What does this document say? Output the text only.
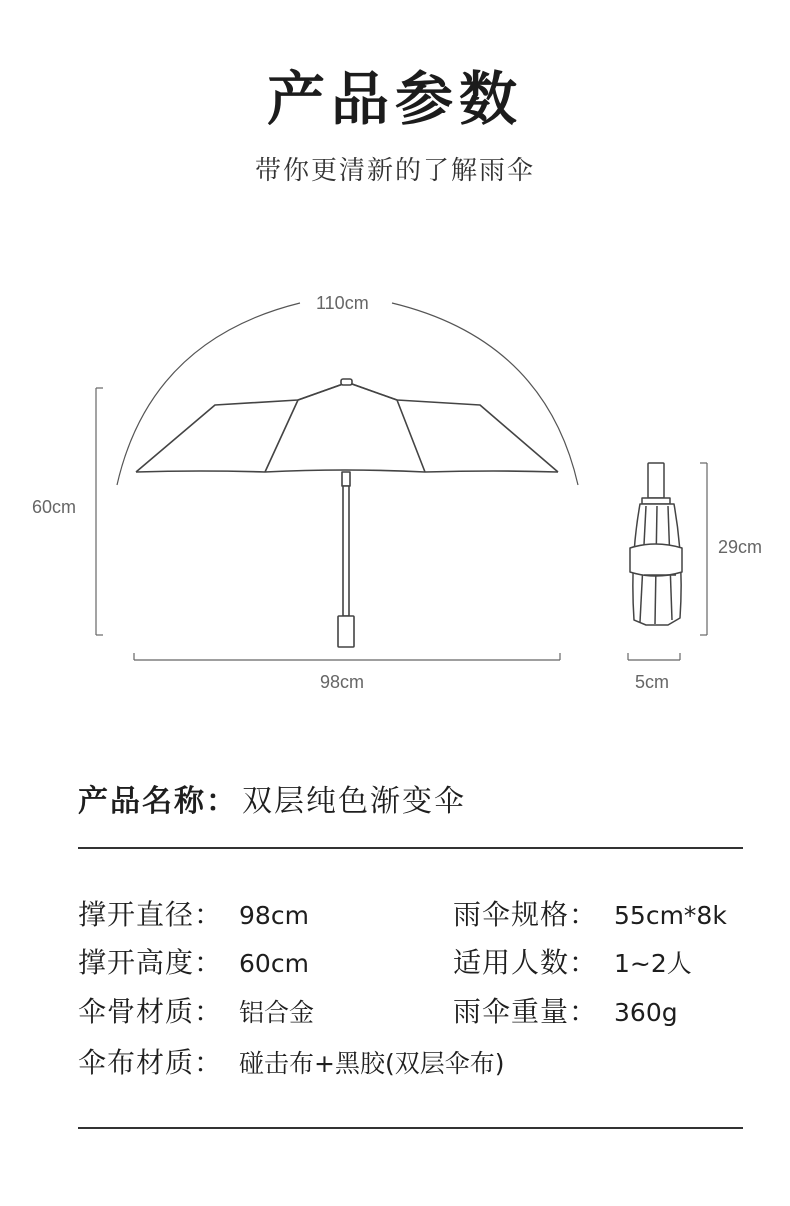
产品参数
带你更清新的了解雨伞
110cm
60cm
98cm
29cm
5cm
产品名称： 双层纯色渐变伞
撑开直径： 98cm	雨伞规格： 55cm*8k
撑开高度： 60cm	适用人数： 1~2人
伞骨材质： 铝合金	雨伞重量： 360g
伞布材质： 碰击布+黑胶(双层伞布)
